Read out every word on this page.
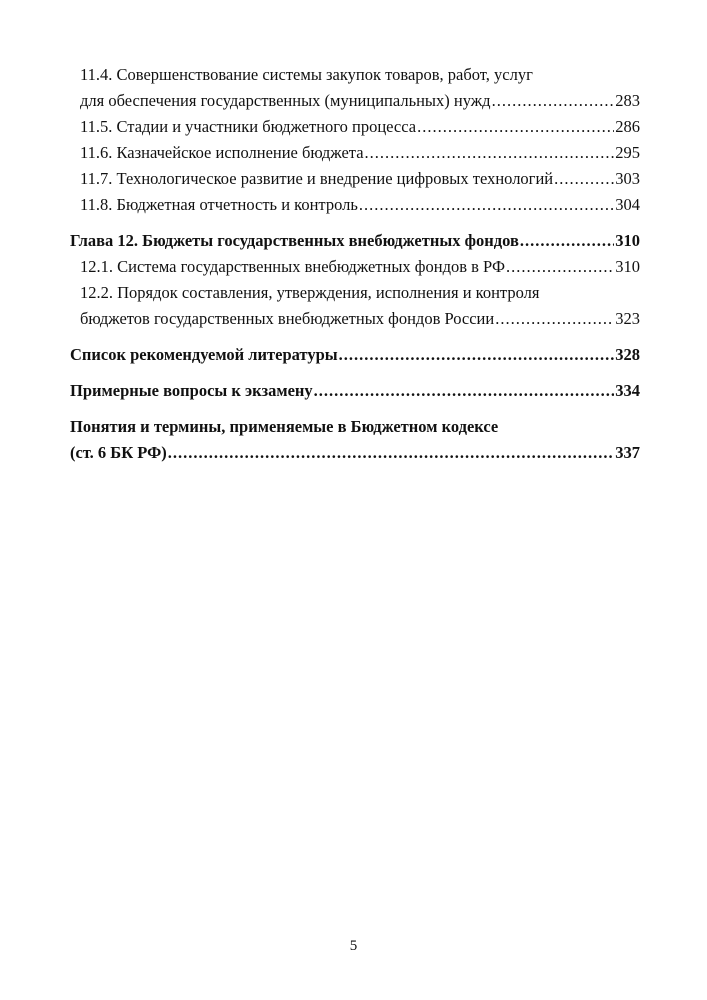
11.4. Совершенствование системы закупок товаров, работ, услуг
для обеспечения государственных (муниципальных) нужд .....	283
11.5. Стадии и участники бюджетного процесса .....	286
11.6. Казначейское исполнение бюджета .....	295
11.7. Технологическое развитие и внедрение цифровых технологий .....	303
11.8. Бюджетная отчетность и контроль .....	304
Глава 12. Бюджеты государственных внебюджетных фондов .....	310
12.1. Система государственных внебюджетных фондов в РФ .....	310
12.2. Порядок составления, утверждения, исполнения и контроля
бюджетов государственных внебюджетных фондов России .....	323
Список рекомендуемой литературы .....	328
Примерные вопросы к экзамену .....	334
Понятия и термины, применяемые в Бюджетном кодексе
(ст. 6 БК РФ) .....	337
5
